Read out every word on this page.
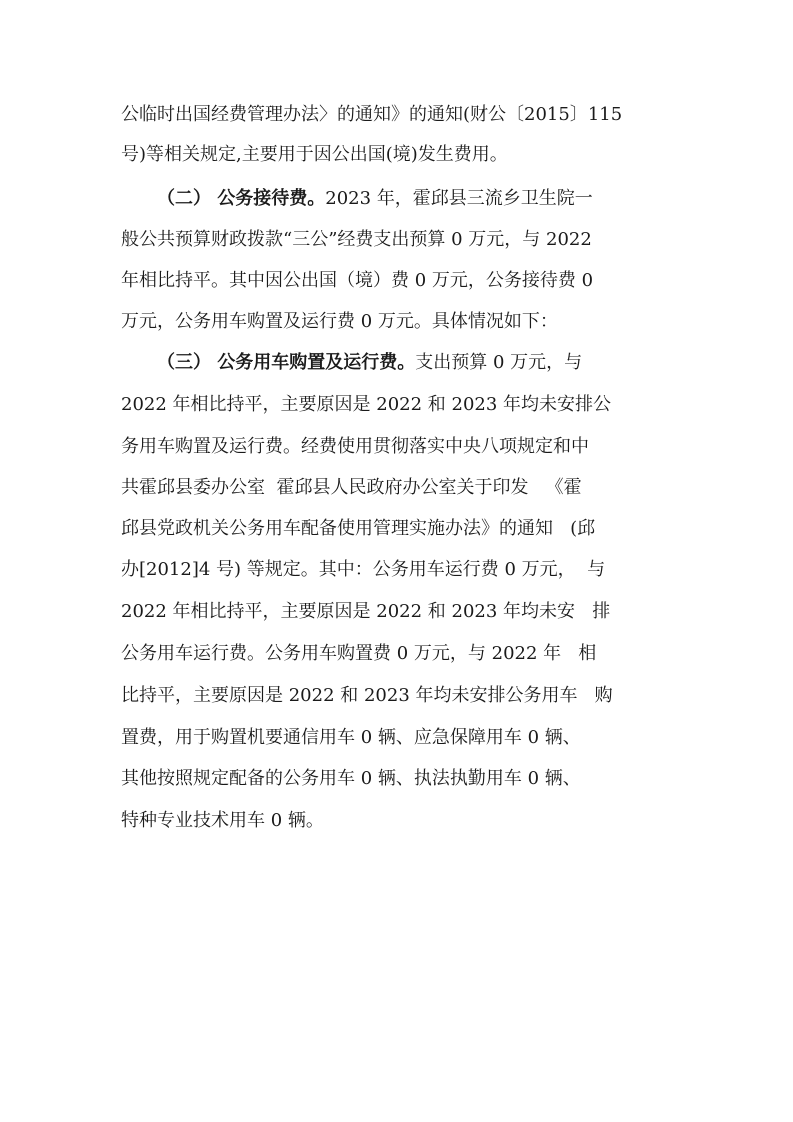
公临时出国经费管理办法〉的通知》的通知(财公〔2015〕115

号)等相关规定,主要用于因公出国(境)发生费用。

（二） 公务接待费。2023 年，霍邱县三流乡卫生院一

般公共预算财政拨款“三公”经费支出预算 0 万元，与 2022

年相比持平。其中因公出国（境）费 0 万元，公务接待费 0

万元，公务用车购置及运行费 0 万元。具体情况如下：

（三） 公务用车购置及运行费。支出预算 0 万元，与

2022 年相比持平，主要原因是 2022 和 2023 年均未安排公

务用车购置及运行费。经费使用贯彻落实中央八项规定和中

共霍邱县委办公室  霍邱县人民政府办公室关于印发   《霍

邱县党政机关公务用车配备使用管理实施办法》的通知   (邱

办[2012]4 号) 等规定。其中：公务用车运行费 0 万元，  与

2022 年相比持平，主要原因是 2022 和 2023 年均未安   排

公务用车运行费。公务用车购置费 0 万元，与 2022 年   相

比持平，主要原因是 2022 和 2023 年均未安排公务用车   购

置费，用于购置机要通信用车 0 辆、应急保障用车 0 辆、

其他按照规定配备的公务用车 0 辆、执法执勤用车 0 辆、

特种专业技术用车 0 辆。
